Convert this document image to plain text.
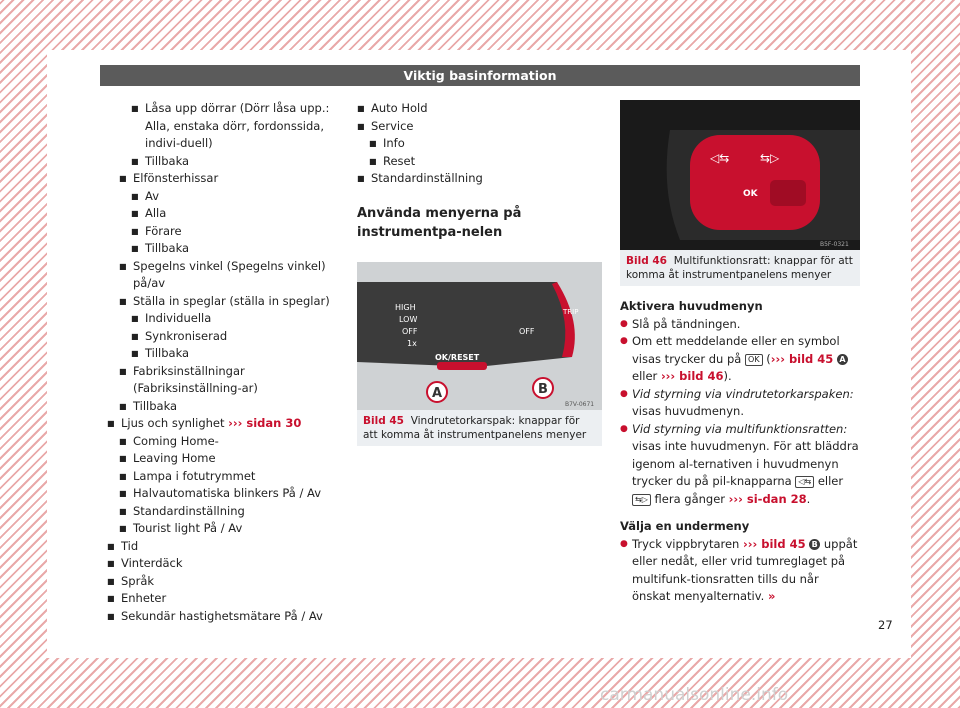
Viktig basinformation
■ Låsa upp dörrar (Dörr låsa upp.: Alla, enstaka dörr, fordonssida, indivi-duell)
■ Tillbaka
■ Elfönsterhissar
■ Av
■ Alla
■ Förare
■ Tillbaka
■ Spegelns vinkel (Spegelns vinkel) på/av
■ Ställa in speglar (ställa in speglar)
■ Individuella
■ Synkroniserad
■ Tillbaka
■ Fabriksinställningar (Fabriksinställning-ar)
■ Tillbaka
■ Ljus och synlighet ››› sidan 30
■ Coming Home-
■ Leaving Home
■ Lampa i fotutrymmet
■ Halvautomatiska blinkers På / Av
■ Standardinställning
■ Tourist light På / Av
■ Tid
■ Vinterdäck
■ Språk
■ Enheter
■ Sekundär hastighetsmätare På / Av
■ Auto Hold
■ Service
■ Info
■ Reset
■ Standardinställning
Använda menyerna på instrumentpa-nelen
HIGH
LOW
OFF
1x
OFF
TRIP
OK/RESET
A	B
B7V-0671
Bild 45 Vindrutetorkarspak: knappar för att komma åt instrumentpanelens menyer
◁⇆	⇆▷
OK
B5F-0321
Bild 46 Multifunktionsratt: knappar för att komma åt instrumentpanelens menyer
Aktivera huvudmenyn
● Slå på tändningen.
● Om ett meddelande eller en symbol visas trycker du på OK (››› bild 45 A eller ››› bild 46).
● Vid styrning via vindrutetorkarspaken: visas huvudmenyn.
● Vid styrning via multifunktionsratten: visas inte huvudmenyn. För att bläddra igenom al-ternativen i huvudmenyn trycker du på pil-knapparna ◁⇆ eller ⇆▷ flera gånger ››› si-dan 28.
Välja en undermeny
● Tryck vippbrytaren ››› bild 45 B uppåt eller nedåt, eller vrid tumreglaget på multifunk-tionsratten tills du når önskat menyalternativ. »
27
carmanualsonline.info
